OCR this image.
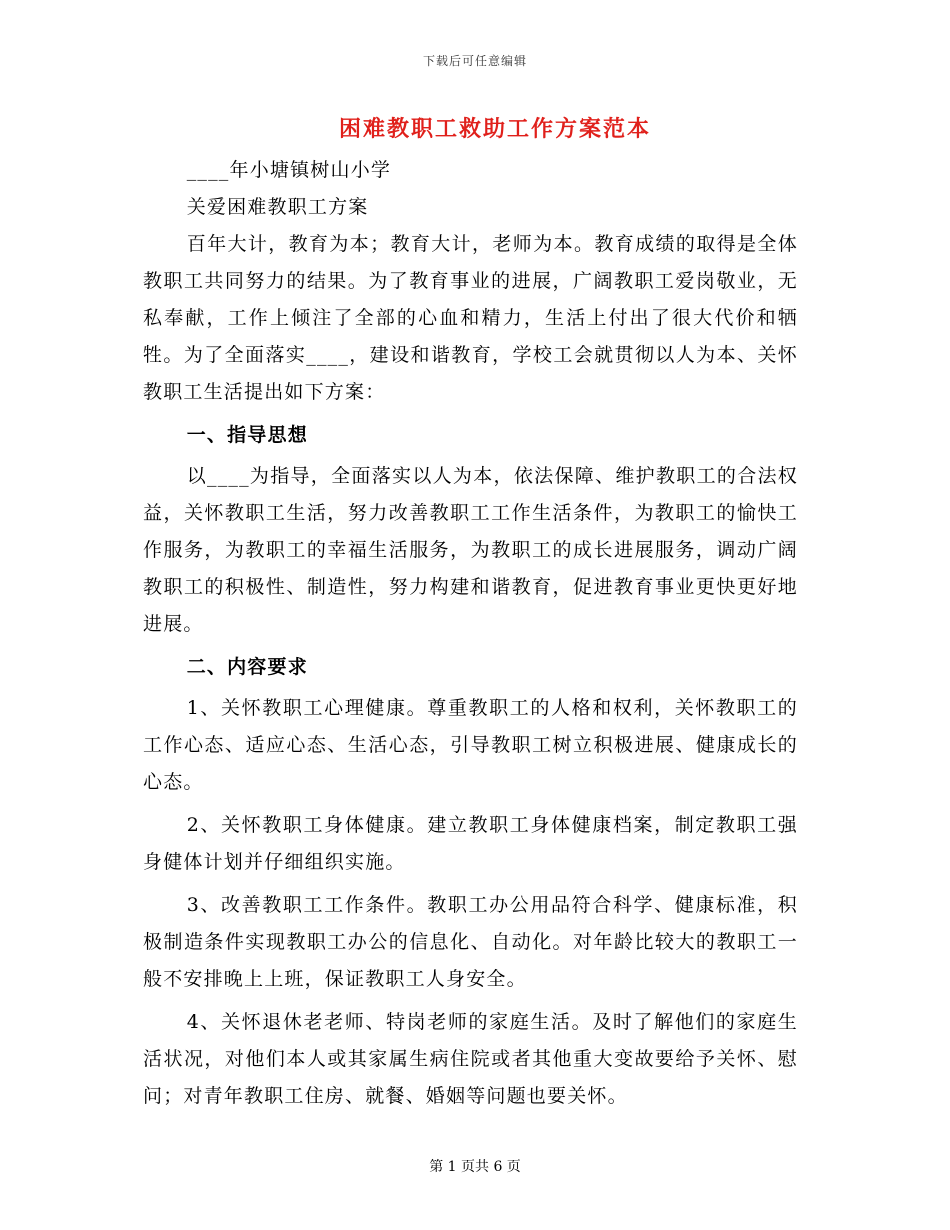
下载后可任意编辑
困难教职工救助工作方案范本

____年小塘镇树山小学

关爱困难教职工方案

百年大计，教育为本；教育大计，老师为本。教育成绩的取得是全体教职工共同努力的结果。为了教育事业的进展，广阔教职工爱岗敬业，无私奉献，工作上倾注了全部的心血和精力，生活上付出了很大代价和牺牲。为了全面落实____，建设和谐教育，学校工会就贯彻以人为本、关怀教职工生活提出如下方案：

一、指导思想

以____为指导，全面落实以人为本，依法保障、维护教职工的合法权益，关怀教职工生活，努力改善教职工工作生活条件，为教职工的愉快工作服务，为教职工的幸福生活服务，为教职工的成长进展服务，调动广阔教职工的积极性、制造性，努力构建和谐教育，促进教育事业更快更好地进展。

二、内容要求

1、关怀教职工心理健康。尊重教职工的人格和权利，关怀教职工的工作心态、适应心态、生活心态，引导教职工树立积极进展、健康成长的心态。

2、关怀教职工身体健康。建立教职工身体健康档案，制定教职工强身健体计划并仔细组织实施。

3、改善教职工工作条件。教职工办公用品符合科学、健康标准，积极制造条件实现教职工办公的信息化、自动化。对年龄比较大的教职工一般不安排晚上上班，保证教职工人身安全。

4、关怀退休老老师、特岗老师的家庭生活。及时了解他们的家庭生活状况，对他们本人或其家属生病住院或者其他重大变故要给予关怀、慰问；对青年教职工住房、就餐、婚姻等问题也要关怀。

第 1 页共 6 页
